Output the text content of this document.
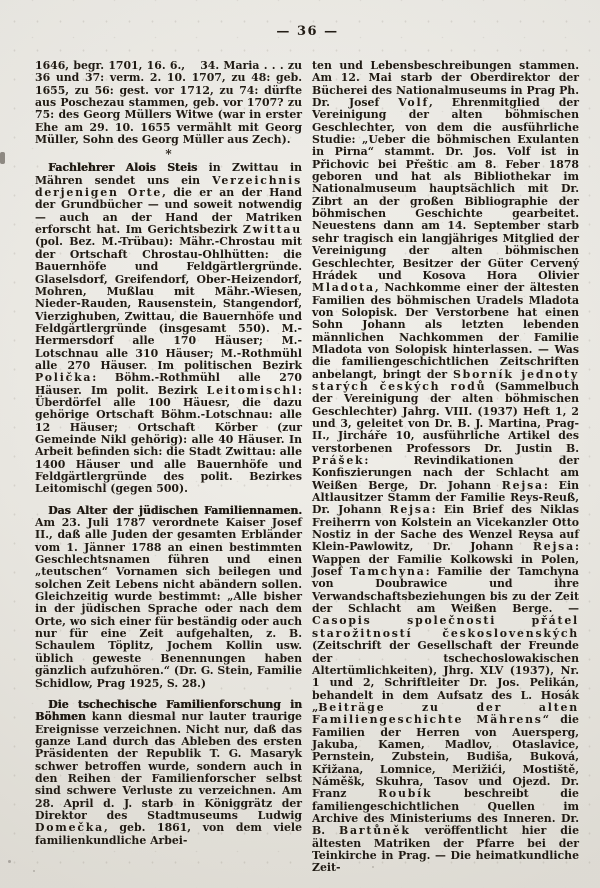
— 36 —

1646, begr. 1701, 16. 6.,  34. Maria . . . zu 36 und 37: verm. 2. 10. 1707, zu 48: geb. 1655, zu 56: gest. vor 1712, zu 74: dürfte aus Poschezau stammen, geb. vor 1707? zu 75: des Georg Müllers Witwe (war in erster Ehe am 29. 10. 1655 vermählt mit Georg Müller, Sohn des Georg Müller aus Zech).

*

Fachlehrer Alois Steis in Zwittau in Mähren sendet uns ein Verzeichnis derjenigen Orte, die er an der Hand der Grundbücher — und soweit notwendig — auch an der Hand der Matriken erforscht hat. Im Gerichtsbezirk Zwittau (pol. Bez. M.-Trübau): Mähr.-Chrostau mit der Ortschaft Chrostau-Ohlhütten: die Bauernhöfe und Feldgärtlergründe. Glaselsdorf, Greifendorf, Ober-Heizendorf, Mohren, Mußlau mit Mähr.-Wiesen, Nieder-Rauden, Rausenstein, Stangendorf, Vierzighuben, Zwittau, die Bauernhöfe und Feldgärtlergründe (insgesamt 550). M.-Hermersdorf alle 170 Häuser; M.-Lotschnau alle 310 Häuser; M.-Rothmühl alle 270 Häuser. Im politischen Bezirk Polička: Böhm.-Rothmühl alle 270 Häuser. Im polit. Bezirk Leitomischl: Überdörfel alle 100 Häuesr, die dazu gehörige Ortschaft Böhm.-Lotschnau: alle 12 Häuser; Ortschaft Körber (zur Gemeinde Nikl gehörig): alle 40 Häuser. In Arbeit befinden sich: die Stadt Zwittau: alle 1400 Häuser und alle Bauernhöfe und Feldgärtlergründe des polit. Bezirkes Leitomischl (gegen 500).

Das Alter der jüdischen Familiennamen. Am 23. Juli 1787 verordnete Kaiser Josef II., daß alle Juden der gesamten Erbländer vom 1. Jänner 1788 an einen bestimmten Geschlechtsnamen führen und einen „teutschen“ Vornamen sich beilegen und solchen Zeit Lebens nicht abändern sollen. Gleichzeitig wurde bestimmt: „Alle bisher in der jüdischen Sprache oder nach dem Orte, wo sich einer für beständig oder auch nur für eine Zeit aufgehalten, z. B. Schaulem Töplitz, Jochem Kollin usw. üblich geweste Benennungen haben gänzlich aufzuhören.“ (Dr. G. Stein, Familie Schidlow, Prag 1925, S. 28.)

Die tschechische Familienforschung in Böhmen kann diesmal nur lauter traurige Ereignisse verzeichnen. Nicht nur, daß das ganze Land durch das Ableben des ersten Präsidenten der Republik T. G. Masaryk schwer betroffen wurde, sondern auch in den Reihen der Familienforscher selbst sind schwere Verluste zu verzeichnen. Am 28. April d. J. starb in Königgrätz der Direktor des Stadtmuseums Ludwig Domečka, geb. 1861, von dem viele familienkundliche Arbei-

ten und Lebensbeschreibungen stammen. Am 12. Mai starb der Oberdirektor der Bücherei des Nationalmuseums in Prag Ph. Dr. Josef Volf, Ehrenmitglied der Vereinigung der alten böhmischen Geschlechter, von dem die ausführliche Studie: „Ueber die böhmischen Exulanten in Pirna“ stammt. Dr. Jos. Volf ist in Přichovic bei Přeštic am 8. Feber 1878 geboren und hat als Bibliothekar im Nationalmuseum hauptsächlich mit Dr. Zibrt an der großen Bibliographie der böhmischen Geschichte gearbeitet. Neuestens dann am 14. September starb sehr tragisch ein langjähriges Mitglied der Vereinigung der alten böhmischen Geschlechter, Besitzer der Güter Cervený Hrádek und Kosova Hora Olivier Mladota, Nachkomme einer der ältesten Familien des böhmischen Uradels Mladota von Solopisk. Der Verstorbene hat einen Sohn Johann als letzten lebenden männlichen Nachkommen der Familie Mladota von Solopisk hinterlassen. — Was die familiengeschichtlichen Zeitschriften anbelangt, bringt der Sborník jednoty starých českých rodů (Sammelbuch der Vereinigung der alten böhmischen Geschlechter) Jahrg. VIII. (1937) Heft 1, 2 und 3, geleitet von Dr. B. J. Martina, Prag-II., Jircháře 10, ausführliche Artikel des verstorbenen Professors Dr. Justin B. Prášek: Revindikationen der Konfiszierungen nach der Schlacht am Weißen Berge, Dr. Johann Rejsa: Ein Altlausitzer Stamm der Familie Reys-Reuß, Dr. Johann Rejsa: Ein Brief des Niklas Freiherrn von Kolstein an Vicekanzler Otto Nostiz in der Sache des Wenzel Reysa auf Klein-Pawlowitz, Dr. Johann Rejsa: Wappen der Familie Kolkowski in Polen, Josef Tamchyna: Familie der Tamchyna von Doubrawice und ihre Verwandschaftsbeziehungen bis zu der Zeit der Schlacht am Weißen Berge. — Casopis společnosti přátel starožitností československých (Zeitschrift der Gesellschaft der Freunde der tschechoslowakischen Altertümlichkeiten), Jhrg. XLV (1937), Nr. 1 und 2, Schriftleiter Dr. Jos. Pelikán, behandelt in dem Aufsatz des L. Hosák „Beiträge zu der alten Familiengeschichte Mährens“ die Familien der Herren von Auersperg, Jakuba, Kamen, Madlov, Otaslavice, Pernstein, Zubstein, Budiša, Buková, Křižana, Lomnice, Merižići, Mostiště, Náměšk, Skuhra, Tasov und Ojezd. Dr. Franz Roubík beschreibt die familiengeschichtlichen Quellen im Archive des Ministeriums des Inneren. Dr. B. Bartůněk veröffentlicht hier die ältesten Matriken der Pfarre bei der Teinkirche in Prag. — Die heimatkundliche Zeit-
